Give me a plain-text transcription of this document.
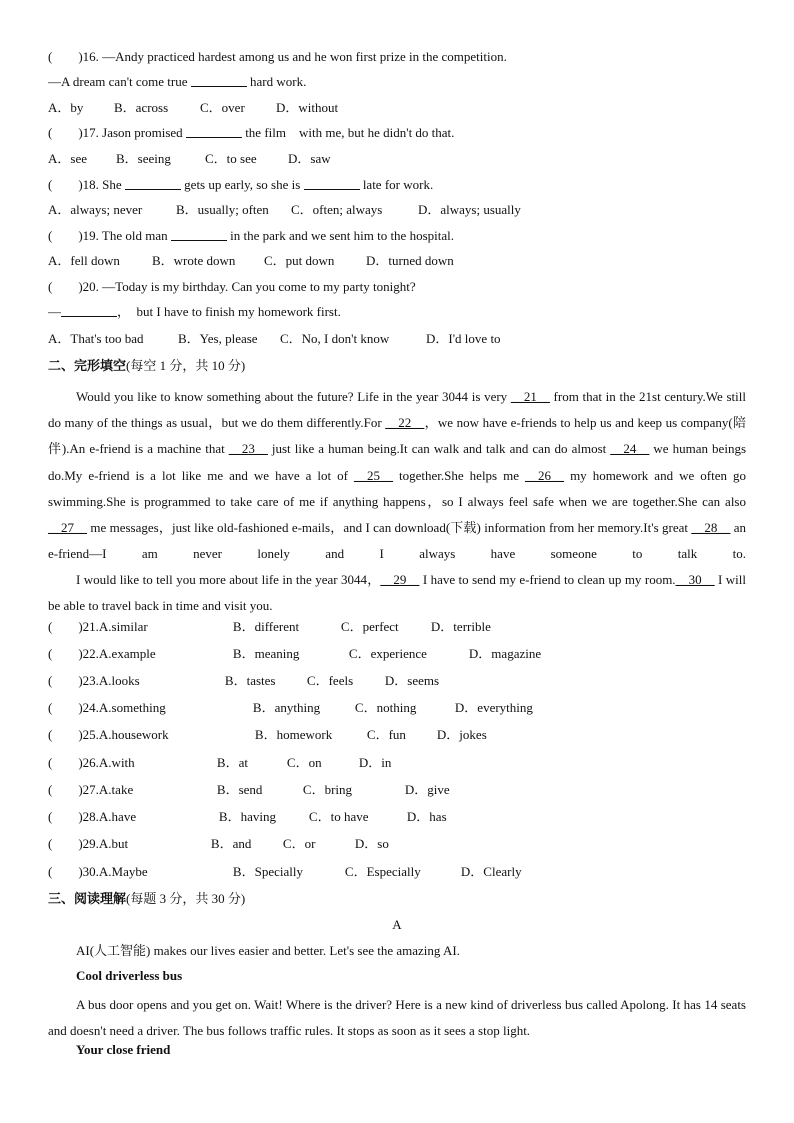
(        )16. —Andy practiced hardest among us and he won first prize in the competition.
—A dream can't come true	hard work.
A．by B．across C．over D．without
(        )17. Jason promised	the film    with me, but he didn't do that.
A．see B．seeing	C．to see D．saw
(        )18. She	gets up early, so she is	late for work.
A．always; never	B．usually; often C．often; always	D．always; usually
(        )19. The old man	in the park and we sent him to the hospital.
A．fell down B．wrote down C．put down D．turned down
(        )20. —Today is my birthday. Can you come to my party tonight?
—	，  but I have to finish my homework first.
A．That's too bad	B．Yes, please C．No, I don't know	D．I'd love to
二、完形填空(每空 1 分，共 10 分)
Would you like to know something about the future? Life in the year 3044 is very __21__ from that in the 21st century.We still do many of the things as usual，but we do them differently.For __22__，we now have e-friends to help us and keep us company(陪伴).An e-friend is a machine that __23__ just like a human being.It can walk and talk and can do almost __24__ we human beings do.My e-friend is a lot like me and we have a lot of __25__ together.She helps me __26__ my homework and we often go swimming.She is programmed to take care of me if anything happens，so I always feel safe when we are together.She can also __27__ me messages，just like old-fashioned e-mails，and I can download(下载) information from her memory.It's great __28__ an e-friend—I am never lonely and I always have someone to talk to.
I would like to tell you more about life in the year 3044，__29__ I have to send my e-friend to clean up my room.__30__ I will be able to travel back in time and visit you.
(        )21.A.similar	B．different	C．perfect D．terrible
(        )22.A.example	B．meaning	C．experience	D．magazine
(        )23.A.looks	B．tastes C．feels D．seems
(        )24.A.something	B．anything	C．nothing	D．everything
(        )25.A.housework	B．homework	C．fun D．jokes
(        )26.A.with	B．at	C．on	D．in
(        )27.A.take	B．send	C．bring	D．give
(        )28.A.have	B．having	C．to have	D．has
(        )29.A.but	B．and C．or	D．so
(        )30.A.Maybe	B．Specially	C．Especially	D．Clearly
三、阅读理解(每题 3 分，共 30 分)
A
AI(人工智能) makes our lives easier and better. Let's see the amazing AI.
Cool driverless bus
A bus door opens and you get on. Wait! Where is the driver? Here is a new kind of driverless bus called Apolong. It has 14 seats and doesn't need a driver. The bus follows traffic rules. It stops as soon as it sees a stop light.
Your close friend
